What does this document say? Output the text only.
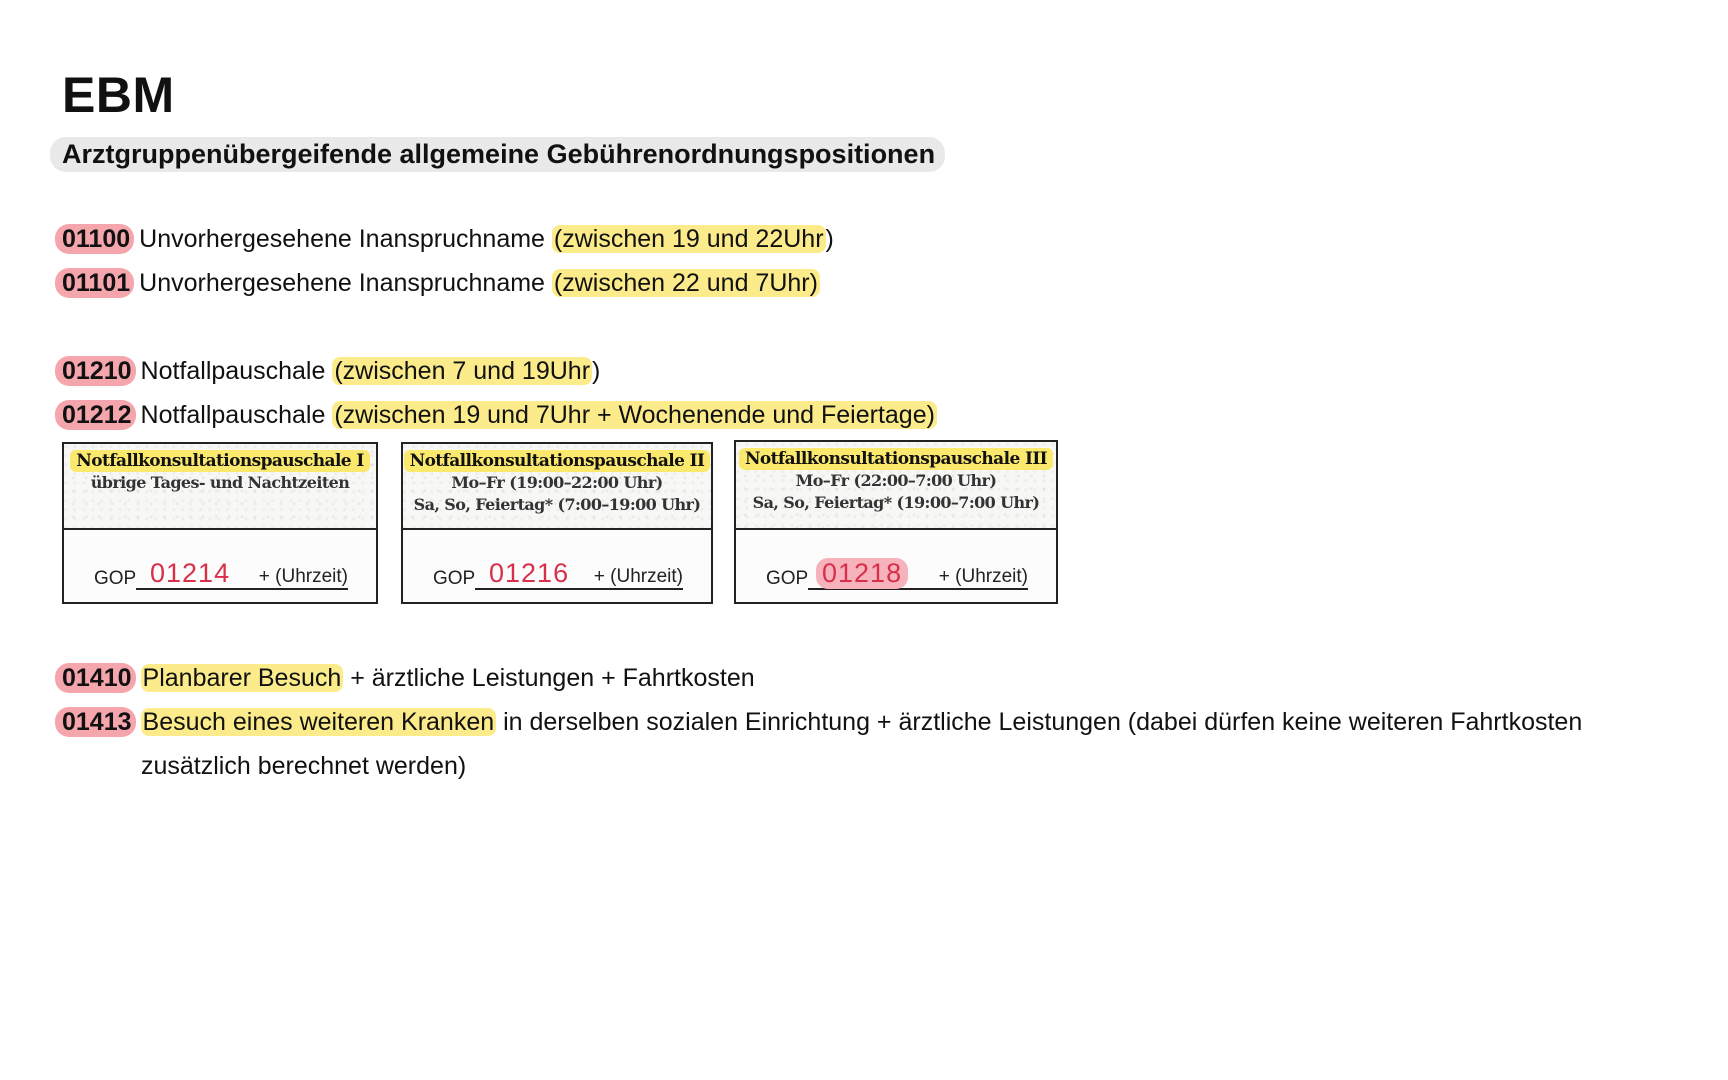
EBM
Arztgruppenübergeifende allgemeine Gebührenordnungspositionen
01100 Unvorhergesehene Inanspruchname (zwischen 19 und 22Uhr)
01101 Unvorhergesehene Inanspruchname (zwischen 22 und 7Uhr)
01210 Notfallpauschale (zwischen 7 und 19Uhr)
01212 Notfallpauschale (zwischen 19 und 7Uhr + Wochenende und Feiertage)
Notfallkonsultationspauschale I
übrige Tages- und Nachtzeiten
GOP 01214	+ (Uhrzeit)
Notfallkonsultationspauschale II
Mo–Fr (19:00–22:00 Uhr)
Sa, So, Feiertag* (7:00–19:00 Uhr)
GOP 01216	+ (Uhrzeit)
Notfallkonsultationspauschale III
Mo–Fr (22:00–7:00 Uhr)
Sa, So, Feiertag* (19:00–7:00 Uhr)
GOP 01218	+ (Uhrzeit)
01410 Planbarer Besuch + ärztliche Leistungen + Fahrtkosten
01413 Besuch eines weiteren Kranken in derselben sozialen Einrichtung + ärztliche Leistungen (dabei dürfen keine weiteren Fahrtkosten
zusätzlich berechnet werden)
